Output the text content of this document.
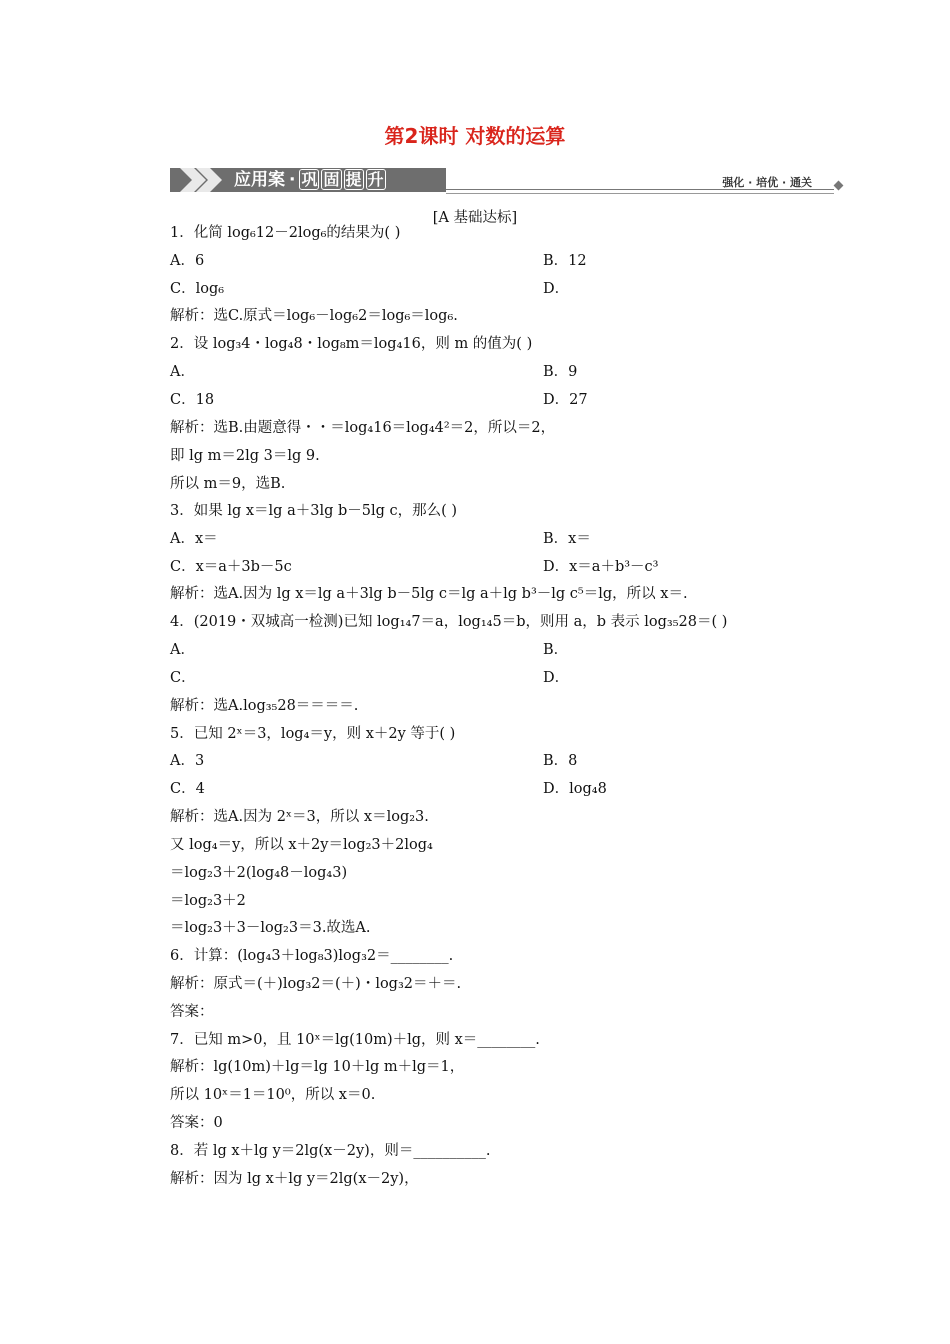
第2课时 对数的运算
应用案 · 巩 固 提 升	强化 · 培优 · 通关
[A 基础达标]
1．化简 log₆12－2log₆的结果为( )
A．6	B．12
C．log₆	D．
解析：选C.原式＝log₆－log₆2＝log₆＝log₆.
2．设 log₃4・log₄8・log₈m＝log₄16，则 m 的值为( )
A．	B．9
C．18	D．27
解析：选B.由题意得・・＝log₄16＝log₄4²＝2，所以＝2，
即 lg m＝2lg 3＝lg 9.
所以 m＝9，选B.
3．如果 lg x＝lg a＋3lg b－5lg c，那么( )
A．x＝	B．x＝
C．x＝a＋3b－5c	D．x＝a＋b³－c³
解析：选A.因为 lg x＝lg a＋3lg b－5lg c＝lg a＋lg b³－lg c⁵＝lg，所以 x＝.
4．(2019・双城高一检测)已知 log₁₄7＝a，log₁₄5＝b，则用 a，b 表示 log₃₅28＝( )
A．	B．
C．	D．
解析：选A.log₃₅28＝＝＝＝.
5．已知 2ˣ＝3，log₄＝y，则 x＋2y 等于( )
A．3	B．8
C．4	D．log₄8
解析：选A.因为 2ˣ＝3，所以 x＝log₂3.
又 log₄＝y，所以 x＋2y＝log₂3＋2log₄
＝log₂3＋2(log₄8－log₄3)
＝log₂3＋2
＝log₂3＋3－log₂3＝3.故选A.
6．计算：(log₄3＋log₈3)log₃2＝________.
解析：原式＝(＋)log₃2＝(＋)・log₃2＝＋＝.
答案：
7．已知 m>0，且 10ˣ＝lg(10m)＋lg，则 x＝________.
解析：lg(10m)＋lg＝lg 10＋lg m＋lg＝1，
所以 10ˣ＝1＝10⁰，所以 x＝0.
答案：0
8．若 lg x＋lg y＝2lg(x－2y)，则＝__________.
解析：因为 lg x＋lg y＝2lg(x－2y)，
